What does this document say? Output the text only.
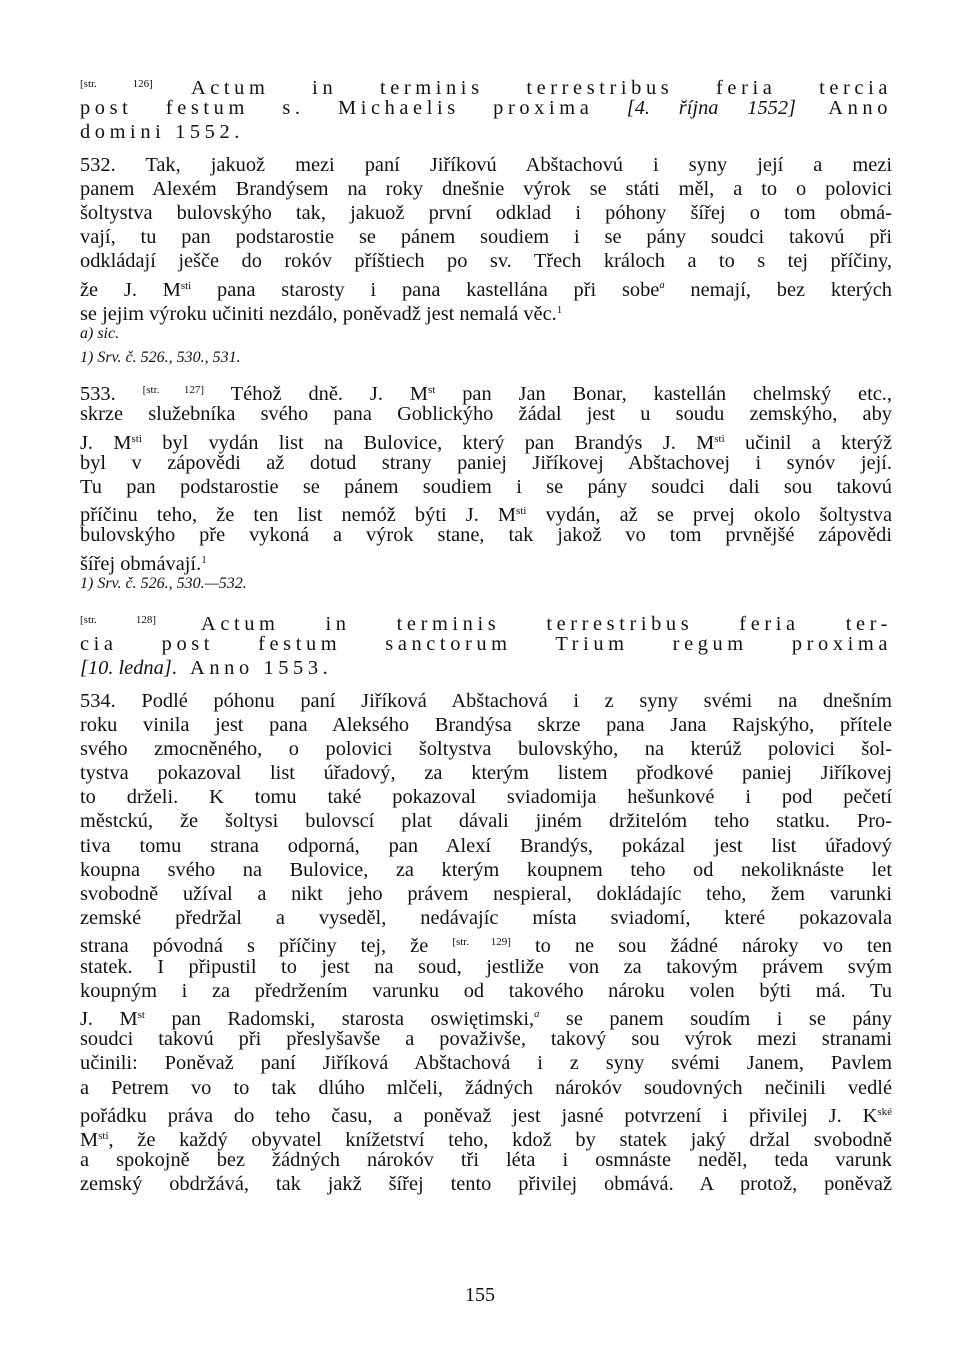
[str. 126] Actum in terminis terrestribus feria tercia
post festum s. Michaelis proxima [4. října 1552] Anno
domini 1552.
532. Tak, jakuož mezi paní Jiříkovú Abštachovú i syny její a mezi
panem Alexém Brandýsem na roky dnešnie výrok se státi měl, a to o polovici
šoltystva bulovskýho tak, jakuož první odklad i póhony šířej o tom obmá-
vají, tu pan podstarostie se pánem soudiem i se pány soudci takovú při
odkládají ješče do rokóv příštiech po sv. Třech králoch a to s tej příčiny,
že J. $M^{sti}$ pana starosty i pana kastellána při sobe$^a$ nemají, bez kterých
se jejim výroku učiniti nezdálo, poněvadž jest nemalá věc.$^1$
a) sic.
1) Srv. č. 526., 530., 531.
533. [str. 127] Téhož dně. J. Mst pan Jan Bonar, kastellán chelmský etc.,
skrze služebníka svého pana Goblickýho žádal jest u soudu zemskýho, aby
J. $M^{sti}$ byl vydán list na Bulovice, který pan Brandýs J. $M^{sti}$ učinil a kterýž
byl v zápovědi až dotud strany paniej Jiříkovej Abštachovej i synóv její.
Tu pan podstarostie se pánem soudiem i se pány soudci dali sou takovú
příčinu teho, že ten list nemóž býti J. $M^{sti}$ vydán, až se prvej okolo šoltystva
bulovskýho pře vykoná a výrok stane, tak jakož vo tom prvnějšé zápovědi
šířej obmávají.$^1$
1) Srv. č. 526., 530.—532.
[str. 128] Actum in terminis terrestribus feria ter-
cia post festum sanctorum Trium regum proxima
[10. ledna]. Anno 1553.
534. Podlé póhonu paní Jiříková Abštachová i z syny svémi na dnešním
roku vinila jest pana Alekséhо Brandýsa skrze pana Jana Rajskýho, přítele
svého zmocněného, o polovici šoltystva bulovskýho, na kterúž polovici šol-
tystva pokazoval list úřadový, za kterým listem přodkové paniej Jiříkovej
to drželi. K tomu také pokazoval sviadomija hešunkové i pod pečetí
městckú, že šoltysi bulovscí plat dávali jiném držitelóm teho statku. Pro-
tiva tomu strana odporná, pan Alexí Brandýs, pokázal jest list úřadový
koupna svého na Bulovice, za kterým koupnem teho od nekoliknáste let
svobodně užíval a nikt jeho právem nespieral, dokládajíc teho, žem varunki
zemské předržal a vyseděl, nedávajíc místa sviadomí, které pokazovala
strana póvodná s příčiny tej, že [str. 129] to ne sou žádné nároky vo ten
statek. I připustil to jest na soud, jestliže von za takovým právem svým
koupným i za předržením varunku od takového nároku volen býti má. Tu
J. Mst pan Radomski, starosta oswiętimski,$^a$ se panem soudím i se pány
soudci takovú při přeslyšavše a považivše, takový sou výrok mezi stranami
učinili: Poněvaž paní Jiříková Abštachová i z syny svémi Janem, Pavlem
a Petrem vo to tak dlúho mlčeli, žádných nárokóv soudovných nečinili vedlé
pořádku práva do teho času, a poněvaž jest jasné potvrzení i přivilej J. $K^{ské}$
$M^{sti}$, že každý obyvatel knížetství teho, kdož by statek jaký držal svobodně
a spokojně bez žádných nárokóv tři léta i osmnáste neděl, teda varunk
zemský obdržává, tak jakž šířej tento přivilej obmává. A protož, poněvaž
155
